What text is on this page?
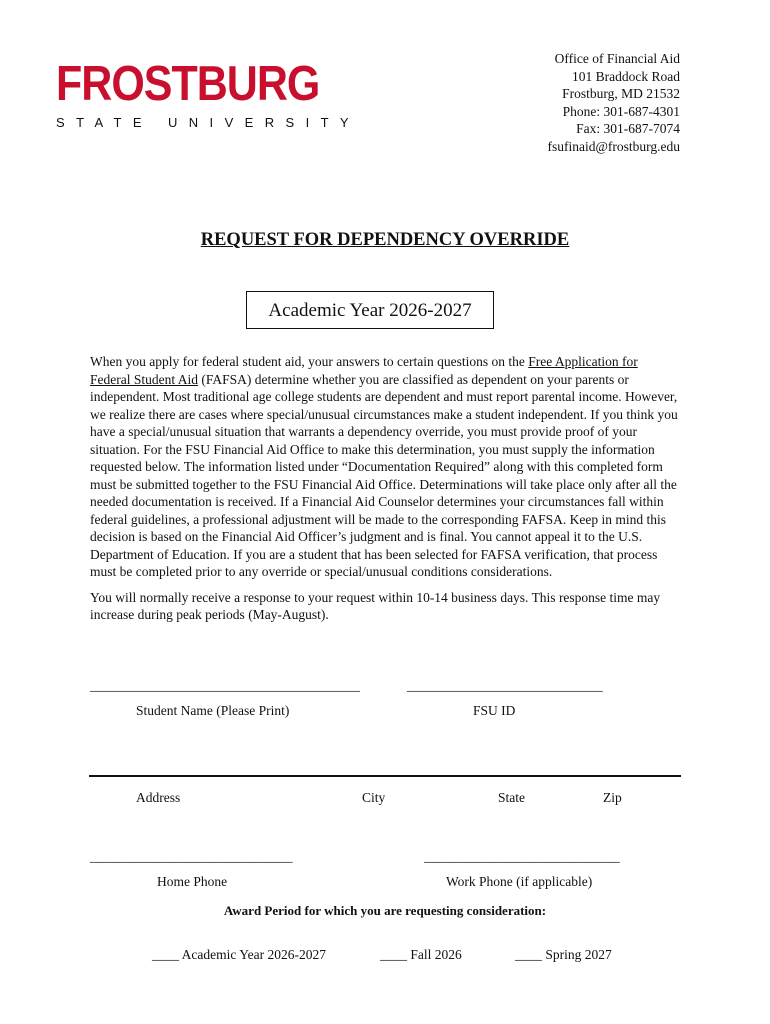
FROSTBURG
STATE UNIVERSITY
Office of Financial Aid
101 Braddock Road
Frostburg, MD 21532
Phone: 301-687-4301
Fax: 301-687-7074
fsufinaid@frostburg.edu
REQUEST FOR DEPENDENCY OVERRIDE
Academic Year 2026-2027

When you apply for federal student aid, your answers to certain questions on the Free Application for Federal Student Aid (FAFSA) determine whether you are classified as dependent on your parents or independent. Most traditional age college students are dependent and must report parental income. However, we realize there are cases where special/unusual circumstances make a student independent. If you think you have a special/unusual situation that warrants a dependency override, you must provide proof of your situation. For the FSU Financial Aid Office to make this determination, you must supply the information requested below. The information listed under “Documentation Required” along with this completed form must be submitted together to the FSU Financial Aid Office. Determinations will take place only after all the needed documentation is received. If a Financial Aid Counselor determines your circumstances fall within federal guidelines, a professional adjustment will be made to the corresponding FAFSA. Keep in mind this decision is based on the Financial Aid Officer’s judgment and is final. You cannot appeal it to the U.S. Department of Education. If you are a student that has been selected for FAFSA verification, that process must be completed prior to any override or special/unusual conditions considerations.

You will normally receive a response to your request within 10-14 business days. This response time may increase during peak periods (May-August).

________________________________________	_____________________________
Student Name (Please Print)	FSU ID
Address	City	State	Zip
______________________________	_____________________________
Home Phone	Work Phone (if applicable)
Award Period for which you are requesting consideration:
____ Academic Year 2026-2027	____ Fall 2026	____ Spring 2027
